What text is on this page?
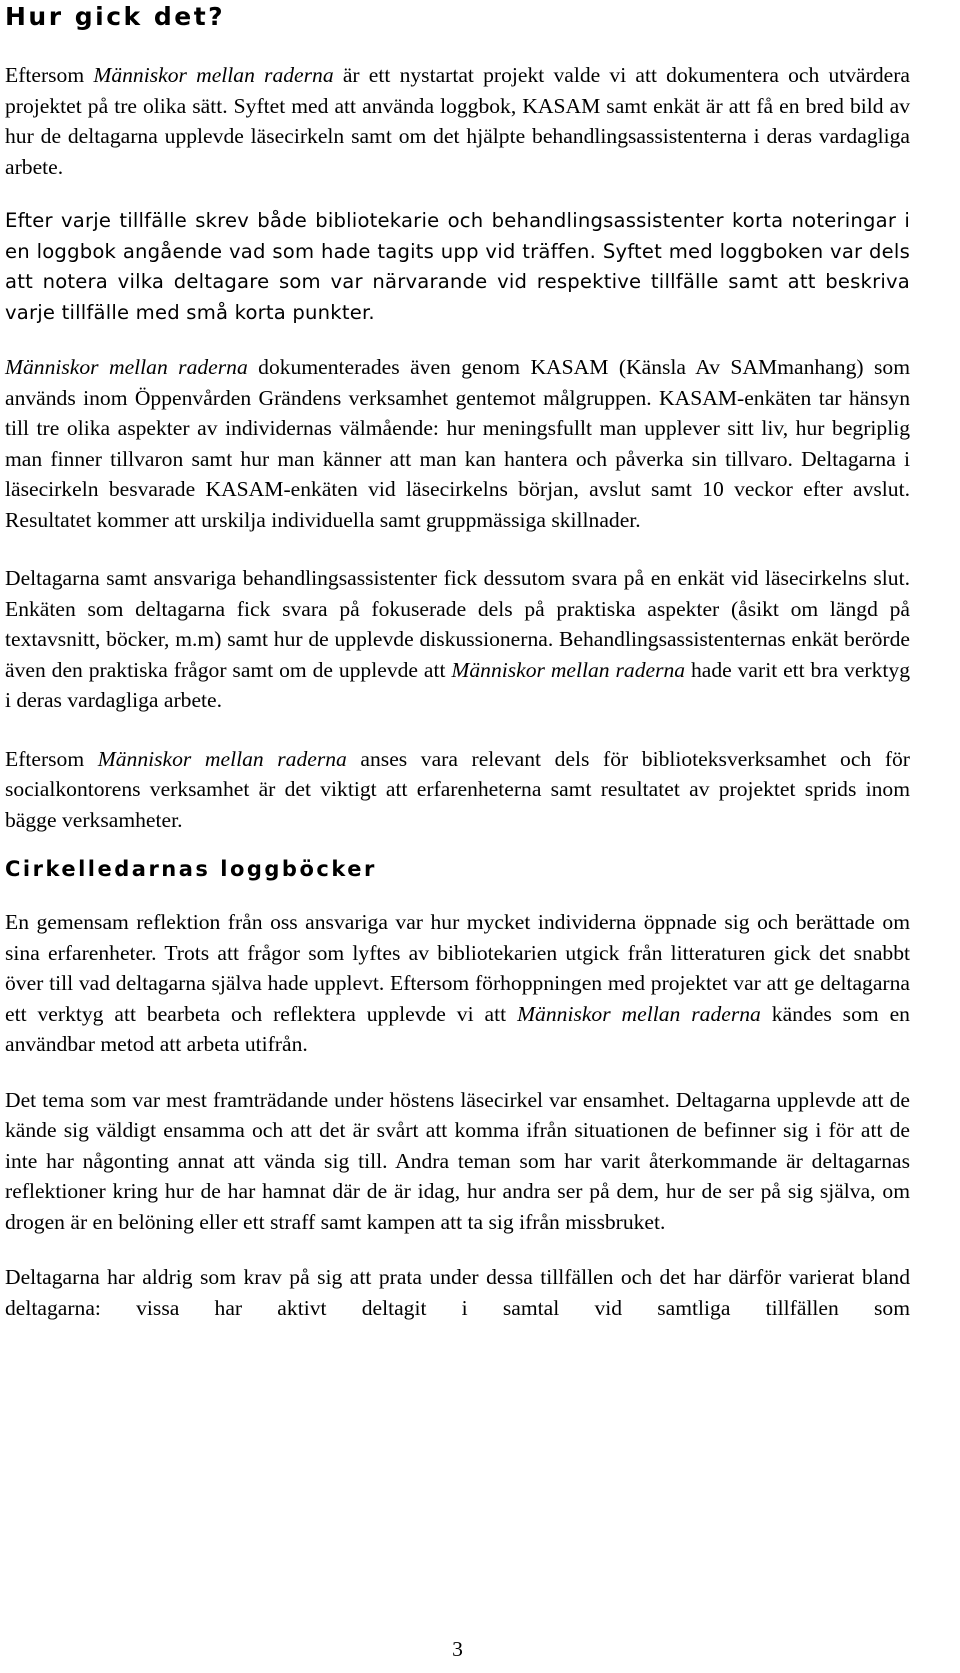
Hur gick det?

Eftersom Människor mellan raderna är ett nystartat projekt valde vi att dokumentera och utvärdera projektet på tre olika sätt. Syftet med att använda loggbok, KASAM samt enkät är att få en bred bild av hur de deltagarna upplevde läsecirkeln samt om det hjälpte behandlingsassistenterna i deras vardagliga arbete.

Efter varje tillfälle skrev både bibliotekarie och behandlingsassistenter korta noteringar i en loggbok angående vad som hade tagits upp vid träffen. Syftet med loggboken var dels att notera vilka deltagare som var närvarande vid respektive tillfälle samt att beskriva varje tillfälle med små korta punkter.

Människor mellan raderna dokumenterades även genom KASAM (Känsla Av SAMmanhang) som används inom Öppenvården Grändens verksamhet gentemot målgruppen. KASAM-enkäten tar hänsyn till tre olika aspekter av individernas välmående: hur meningsfullt man upplever sitt liv, hur begriplig man finner tillvaron samt hur man känner att man kan hantera och påverka sin tillvaro. Deltagarna i läsecirkeln besvarade KASAM-enkäten vid läsecirkelns början, avslut samt 10 veckor efter avslut. Resultatet kommer att urskilja individuella samt gruppmässiga skillnader.

Deltagarna samt ansvariga behandlingsassistenter fick dessutom svara på en enkät vid läsecirkelns slut. Enkäten som deltagarna fick svara på fokuserade dels på praktiska aspekter (åsikt om längd på textavsnitt, böcker, m.m) samt hur de upplevde diskussionerna. Behandlingsassistenternas enkät berörde även den praktiska frågor samt om de upplevde att Människor mellan raderna hade varit ett bra verktyg i deras vardagliga arbete.

Eftersom Människor mellan raderna anses vara relevant dels för biblioteksverksamhet och för socialkontorens verksamhet är det viktigt att erfarenheterna samt resultatet av projektet sprids inom bägge verksamheter.

Cirkelledarnas loggböcker

En gemensam reflektion från oss ansvariga var hur mycket individerna öppnade sig och berättade om sina erfarenheter. Trots att frågor som lyftes av bibliotekarien utgick från litteraturen gick det snabbt över till vad deltagarna själva hade upplevt. Eftersom förhoppningen med projektet var att ge deltagarna ett verktyg att bearbeta och reflektera upplevde vi att Människor mellan raderna kändes som en användbar metod att arbeta utifrån.

Det tema som var mest framträdande under höstens läsecirkel var ensamhet. Deltagarna upplevde att de kände sig väldigt ensamma och att det är svårt att komma ifrån situationen de befinner sig i för att de inte har någonting annat att vända sig till. Andra teman som har varit återkommande är deltagarnas reflektioner kring hur de har hamnat där de är idag, hur andra ser på dem, hur de ser på sig själva, om drogen är en belöning eller ett straff samt kampen att ta sig ifrån missbruket.

Deltagarna har aldrig som krav på sig att prata under dessa tillfällen och det har därför varierat bland deltagarna: vissa har aktivt deltagit i samtal vid samtliga tillfällen som

3
